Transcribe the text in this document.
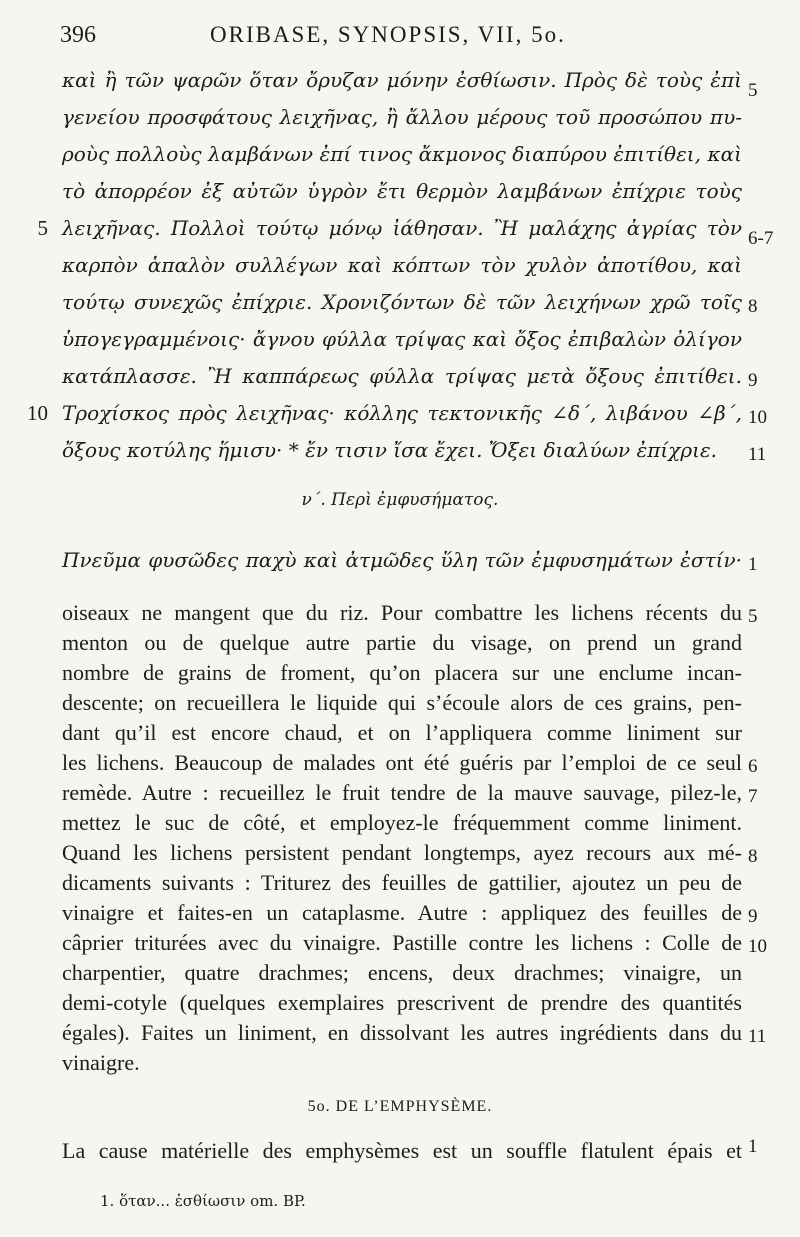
396	ORIBASE, SYNOPSIS, VII, 5o.
καὶ ἢ τῶν ψαρῶν ὅταν ὄρυζαν μόνην ἐσθίωσιν. Πρὸς δὲ τοὺς ἐπὶ 5
γενείου προσφάτους λειχῆνας, ἢ ἄλλου μέρους τοῦ προσώπου πυ-
ροὺς πολλοὺς λαμβάνων ἐπί τινος ἄκμονος διαπύρου ἐπιτίθει, καὶ
τὸ ἀπορρέον ἐξ αὐτῶν ὑγρὸν ἔτι θερμὸν λαμβάνων ἐπίχριε τοὺς
5 λειχῆνας. Πολλοὶ τούτῳ μόνῳ ἰάθησαν. Ἢ μαλάχης ἀγρίας τὸν 6-7
καρπὸν ἁπαλὸν συλλέγων καὶ κόπτων τὸν χυλὸν ἀποτίθου, καὶ
τούτῳ συνεχῶς ἐπίχριε. Χρονιζόντων δὲ τῶν λειχήνων χρῶ τοῖς 8
ὑπογεγραμμένοις· ἄγνου φύλλα τρίψας καὶ ὄξος ἐπιβαλὼν ὀλίγον
κατάπλασσε. Ἢ καππάρεως φύλλα τρίψας μετὰ ὄξους ἐπιτίθει. 9
10 Τροχίσκος πρὸς λειχῆνας· κόλλης τεκτονικῆς ∠δ΄, λιβάνου ∠β΄, 10
ὄξους κοτύλης ἥμισυ· * ἔν τισιν ἴσα ἔχει. Ὄξει διαλύων ἐπίχριε.	11
ν΄. Περὶ ἐμφυσήματος.
Πνεῦμα φυσῶδες παχὺ καὶ ἀτμῶδες ὕλη τῶν ἐμφυσημάτων ἐστίν· 1
oiseaux ne mangent que du riz. Pour combattre les lichens récents du 5
menton ou de quelque autre partie du visage, on prend un grand
nombre de grains de froment, qu’on placera sur une enclume incan-
descente; on recueillera le liquide qui s’écoule alors de ces grains, pen-
dant qu’il est encore chaud, et on l’appliquera comme liniment sur
les lichens. Beaucoup de malades ont été guéris par l’emploi de ce seul 6
remède. Autre : recueillez le fruit tendre de la mauve sauvage, pilez-le, 7
mettez le suc de côté, et employez-le fréquemment comme liniment.
Quand les lichens persistent pendant longtemps, ayez recours aux mé- 8
dicaments suivants : Triturez des feuilles de gattilier, ajoutez un peu de
vinaigre et faites-en un cataplasme. Autre : appliquez des feuilles de 9
câprier triturées avec du vinaigre. Pastille contre les lichens : Colle de 10
charpentier, quatre drachmes; encens, deux drachmes; vinaigre, un
demi-cotyle (quelques exemplaires prescrivent de prendre des quantités
égales). Faites un liniment, en dissolvant les autres ingrédients dans du 11
vinaigre.
5o. DE L’EMPHYSÈME.
La cause matérielle des emphysèmes est un souffle flatulent épais et 1
1. ὅταν... ἐσθίωσιν om. BP.
